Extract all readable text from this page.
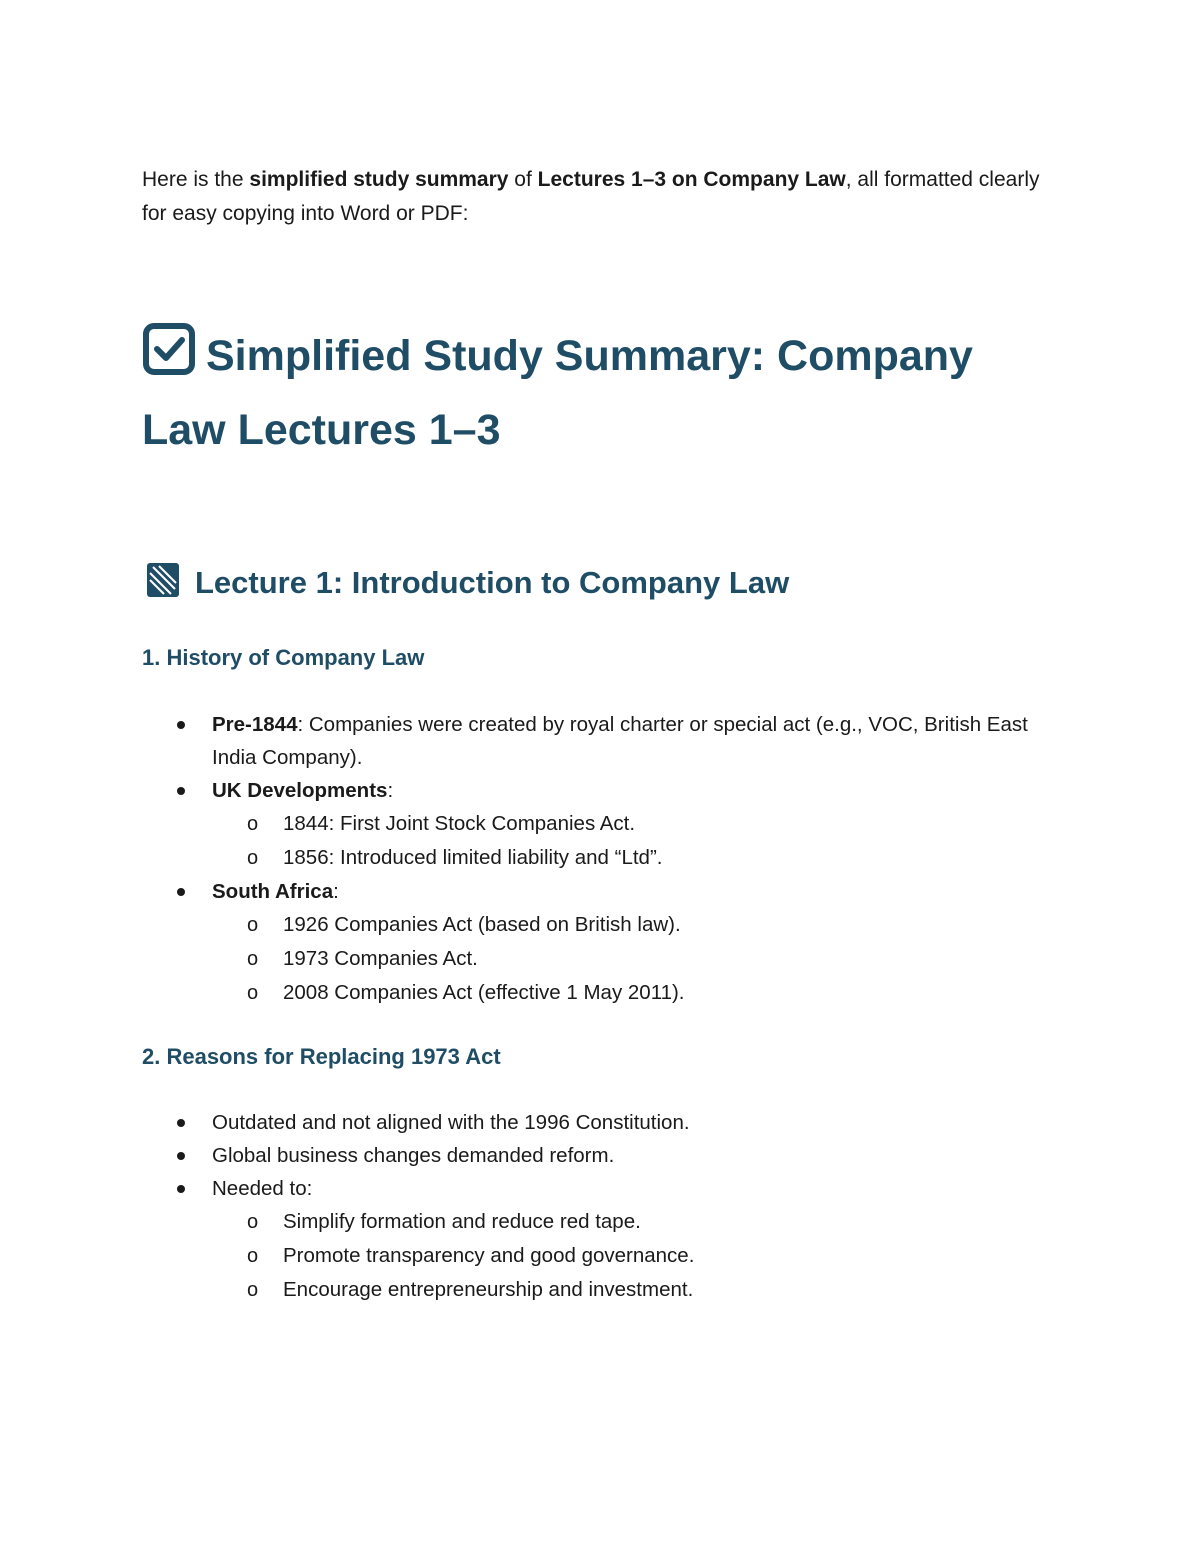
Here is the simplified study summary of Lectures 1–3 on Company Law, all formatted clearly for easy copying into Word or PDF:

Simplified Study Summary: Company Law Lectures 1–3
Lecture 1: Introduction to Company Law
1. History of Company Law
Pre-1844: Companies were created by royal charter or special act (e.g., VOC, British East India Company).
UK Developments:
o 1844: First Joint Stock Companies Act.
o 1856: Introduced limited liability and “Ltd”.
South Africa:
o 1926 Companies Act (based on British law).
o 1973 Companies Act.
o 2008 Companies Act (effective 1 May 2011).
2. Reasons for Replacing 1973 Act
Outdated and not aligned with the 1996 Constitution.
Global business changes demanded reform.
Needed to:
o Simplify formation and reduce red tape.
o Promote transparency and good governance.
o Encourage entrepreneurship and investment.
